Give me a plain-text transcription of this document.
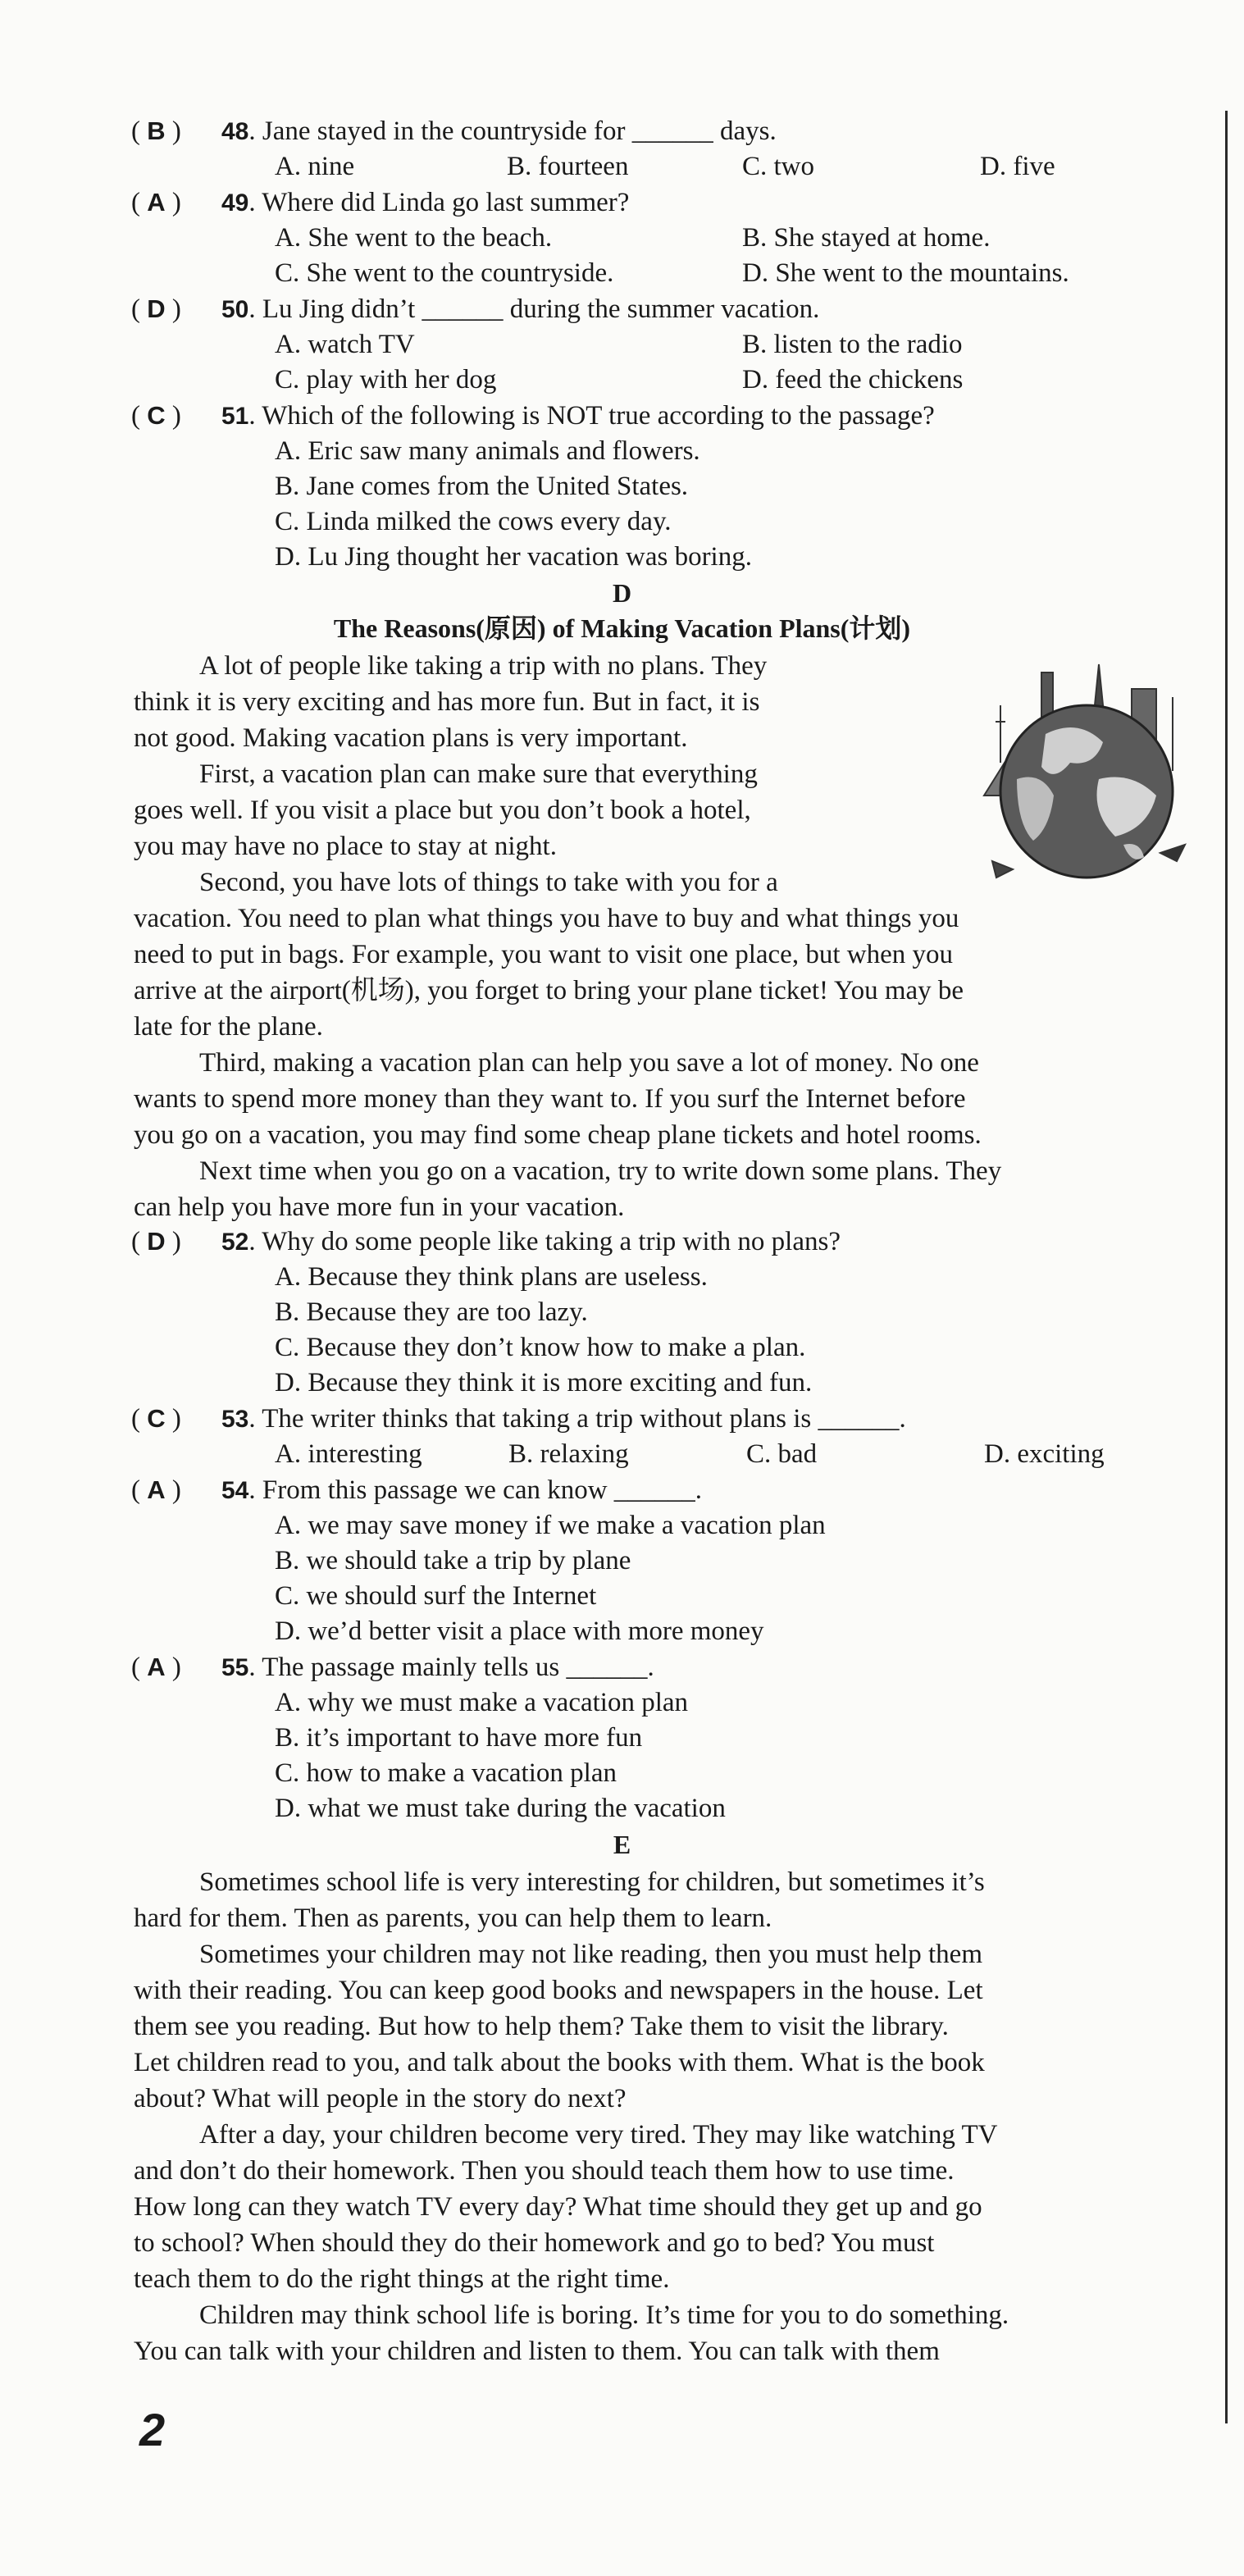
( B ) 48. Jane stayed in the countryside for ______ days.
A. nine	B. fourteen	C. two	D. five
( A ) 49. Where did Linda go last summer?
A. She went to the beach.	B. She stayed at home.
C. She went to the countryside.	D. She went to the mountains.
( D ) 50. Lu Jing didn’t ______ during the summer vacation.
A. watch TV	B. listen to the radio
C. play with her dog	D. feed the chickens
( C ) 51. Which of the following is NOT true according to the passage?
A. Eric saw many animals and flowers.
B. Jane comes from the United States.
C. Linda milked the cows every day.
D. Lu Jing thought her vacation was boring.
D
The Reasons(原因) of Making Vacation Plans(计划)
A lot of people like taking a trip with no plans. They
think it is very exciting and has more fun. But in fact, it is
not good. Making vacation plans is very important.
First, a vacation plan can make sure that everything
goes well. If you visit a place but you don’t book a hotel,
you may have no place to stay at night.
Second, you have lots of things to take with you for a
vacation. You need to plan what things you have to buy and what things you
need to put in bags. For example, you want to visit one place, but when you
arrive at the airport(机场), you forget to bring your plane ticket! You may be
late for the plane.
Third, making a vacation plan can help you save a lot of money. No one
wants to spend more money than they want to. If you surf the Internet before
you go on a vacation, you may find some cheap plane tickets and hotel rooms.
Next time when you go on a vacation, try to write down some plans. They
can help you have more fun in your vacation.
( D ) 52. Why do some people like taking a trip with no plans?
A. Because they think plans are useless.
B. Because they are too lazy.
C. Because they don’t know how to make a plan.
D. Because they think it is more exciting and fun.
( C ) 53. The writer thinks that taking a trip without plans is ______.
A. interesting	B. relaxing	C. bad	D. exciting
( A ) 54. From this passage we can know ______.
A. we may save money if we make a vacation plan
B. we should take a trip by plane
C. we should surf the Internet
D. we’d better visit a place with more money
( A ) 55. The passage mainly tells us ______.
A. why we must make a vacation plan
B. it’s important to have more fun
C. how to make a vacation plan
D. what we must take during the vacation
E
Sometimes school life is very interesting for children, but sometimes it’s
hard for them. Then as parents, you can help them to learn.
Sometimes your children may not like reading, then you must help them
with their reading. You can keep good books and newspapers in the house. Let
them see you reading. But how to help them? Take them to visit the library.
Let children read to you, and talk about the books with them. What is the book
about? What will people in the story do next?
After a day, your children become very tired. They may like watching TV
and don’t do their homework. Then you should teach them how to use time.
How long can they watch TV every day? What time should they get up and go
to school? When should they do their homework and go to bed? You must
teach them to do the right things at the right time.
Children may think school life is boring. It’s time for you to do something.
You can talk with your children and listen to them. You can talk with them
2
